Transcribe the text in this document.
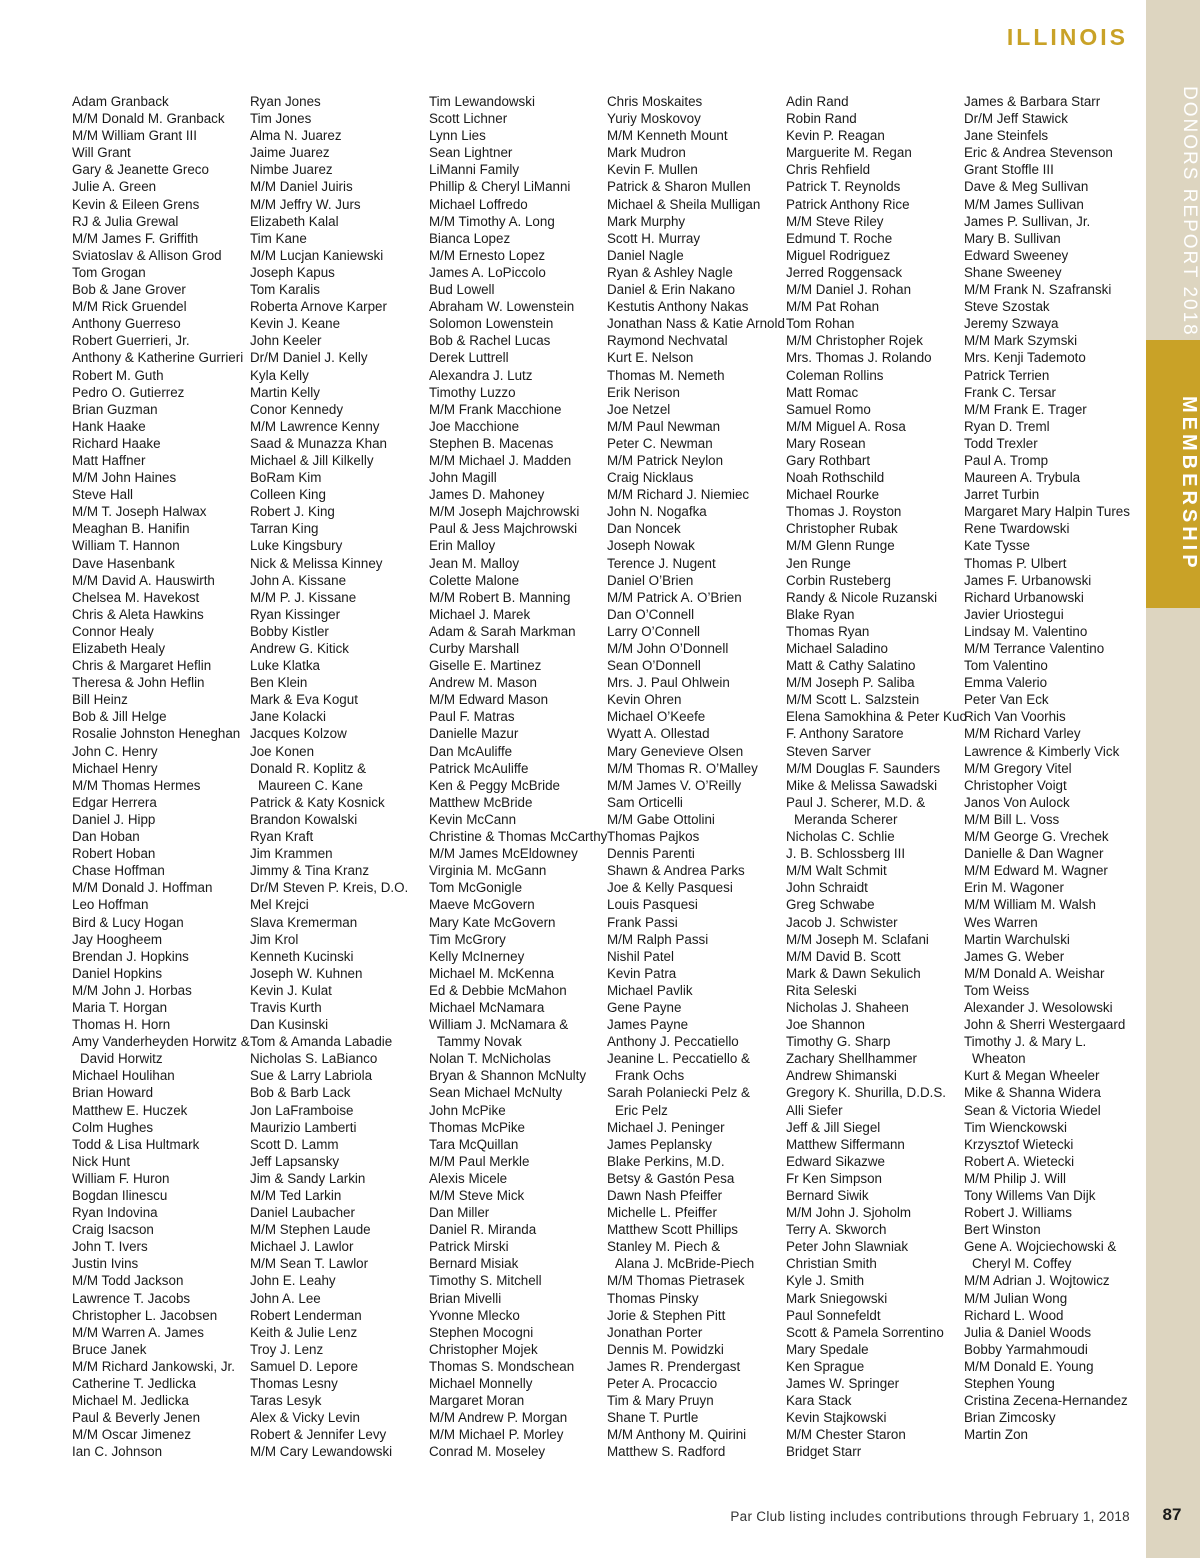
ILLINOIS
DONORS REPORT 2018
MEMBERSHIP
Adam Granback
M/M Donald M. Granback
M/M William Grant III
Will Grant
Gary & Jeanette Greco
Julie A. Green
Kevin & Eileen Grens
RJ & Julia Grewal
M/M James F. Griffith
Sviatoslav & Allison Grod
Tom Grogan
Bob & Jane Grover
M/M Rick Gruendel
Anthony Guerreso
Robert Guerrieri, Jr.
Anthony & Katherine Gurrieri
Robert M. Guth
Pedro O. Gutierrez
Brian Guzman
Hank Haake
Richard Haake
Matt Haffner
M/M John Haines
Steve Hall
M/M T. Joseph Halwax
Meaghan B. Hanifin
William T. Hannon
Dave Hasenbank
M/M David A. Hauswirth
Chelsea M. Havekost
Chris & Aleta Hawkins
Connor Healy
Elizabeth Healy
Chris & Margaret Heflin
Theresa & John Heflin
Bill Heinz
Bob & Jill Helge
Rosalie Johnston Heneghan
John C. Henry
Michael Henry
M/M Thomas Hermes
Edgar Herrera
Daniel J. Hipp
Dan Hoban
Robert Hoban
Chase Hoffman
M/M Donald J. Hoffman
Leo Hoffman
Bird & Lucy Hogan
Jay Hoogheem
Brendan J. Hopkins
Daniel Hopkins
M/M John J. Horbas
Maria T. Horgan
Thomas H. Horn
Amy Vanderheyden Horwitz &
David Horwitz
Michael Houlihan
Brian Howard
Matthew E. Huczek
Colm Hughes
Todd & Lisa Hultmark
Nick Hunt
William F. Huron
Bogdan Ilinescu
Ryan Indovina
Craig Isacson
John T. Ivers
Justin Ivins
M/M Todd Jackson
Lawrence T. Jacobs
Christopher L. Jacobsen
M/M Warren A. James
Bruce Janek
M/M Richard Jankowski, Jr.
Catherine T. Jedlicka
Michael M. Jedlicka
Paul & Beverly Jenen
M/M Oscar Jimenez
Ian C. Johnson
Ryan Jones
Tim Jones
Alma N. Juarez
Jaime Juarez
Nimbe Juarez
M/M Daniel Juiris
M/M Jeffry W. Jurs
Elizabeth Kalal
Tim Kane
M/M Lucjan Kaniewski
Joseph Kapus
Tom Karalis
Roberta Arnove Karper
Kevin J. Keane
John Keeler
Dr/M Daniel J. Kelly
Kyla Kelly
Martin Kelly
Conor Kennedy
M/M Lawrence Kenny
Saad & Munazza Khan
Michael & Jill Kilkelly
BoRam Kim
Colleen King
Robert J. King
Tarran King
Luke Kingsbury
Nick & Melissa Kinney
John A. Kissane
M/M P. J. Kissane
Ryan Kissinger
Bobby Kistler
Andrew G. Kitick
Luke Klatka
Ben Klein
Mark & Eva Kogut
Jane Kolacki
Jacques Kolzow
Joe Konen
Donald R. Koplitz &
Maureen C. Kane
Patrick & Katy Kosnick
Brandon Kowalski
Ryan Kraft
Jim Krammen
Jimmy & Tina Kranz
Dr/M Steven P. Kreis, D.O.
Mel Krejci
Slava Kremerman
Jim Krol
Kenneth Kucinski
Joseph W. Kuhnen
Kevin J. Kulat
Travis Kurth
Dan Kusinski
Tom & Amanda Labadie
Nicholas S. LaBianco
Sue & Larry Labriola
Bob & Barb Lack
Jon LaFramboise
Maurizio Lamberti
Scott D. Lamm
Jeff Lapsansky
Jim & Sandy Larkin
M/M Ted Larkin
Daniel Laubacher
M/M Stephen Laude
Michael J. Lawlor
M/M Sean T. Lawlor
John E. Leahy
John A. Lee
Robert Lenderman
Keith & Julie Lenz
Troy J. Lenz
Samuel D. Lepore
Thomas Lesny
Taras Lesyk
Alex & Vicky Levin
Robert & Jennifer Levy
M/M Cary Lewandowski
Tim Lewandowski
Scott Lichner
Lynn Lies
Sean Lightner
LiManni Family
Phillip & Cheryl LiManni
Michael Loffredo
M/M Timothy A. Long
Bianca Lopez
M/M Ernesto Lopez
James A. LoPiccolo
Bud Lowell
Abraham W. Lowenstein
Solomon Lowenstein
Bob & Rachel Lucas
Derek Luttrell
Alexandra J. Lutz
Timothy Luzzo
M/M Frank Macchione
Joe Macchione
Stephen B. Macenas
M/M Michael J. Madden
John Magill
James D. Mahoney
M/M Joseph Majchrowski
Paul & Jess Majchrowski
Erin Malloy
Jean M. Malloy
Colette Malone
M/M Robert B. Manning
Michael J. Marek
Adam & Sarah Markman
Curby Marshall
Giselle E. Martinez
Andrew M. Mason
M/M Edward Mason
Paul F. Matras
Danielle Mazur
Dan McAuliffe
Patrick McAuliffe
Ken & Peggy McBride
Matthew McBride
Kevin McCann
Christine & Thomas McCarthy
M/M James McEldowney
Virginia M. McGann
Tom McGonigle
Maeve McGovern
Mary Kate McGovern
Tim McGrory
Kelly McInerney
Michael M. McKenna
Ed & Debbie McMahon
Michael McNamara
William J. McNamara &
Tammy Novak
Nolan T. McNicholas
Bryan & Shannon McNulty
Sean Michael McNulty
John McPike
Thomas McPike
Tara McQuillan
M/M Paul Merkle
Alexis Micele
M/M Steve Mick
Dan Miller
Daniel R. Miranda
Patrick Mirski
Bernard Misiak
Timothy S. Mitchell
Brian Mivelli
Yvonne Mlecko
Stephen Mocogni
Christopher Mojek
Thomas S. Mondschean
Michael Monnelly
Margaret Moran
M/M Andrew P. Morgan
M/M Michael P. Morley
Conrad M. Moseley
Chris Moskaites
Yuriy Moskovoy
M/M Kenneth Mount
Mark Mudron
Kevin F. Mullen
Patrick & Sharon Mullen
Michael & Sheila Mulligan
Mark Murphy
Scott H. Murray
Daniel Nagle
Ryan & Ashley Nagle
Daniel & Erin Nakano
Kestutis Anthony Nakas
Jonathan Nass & Katie Arnold
Raymond Nechvatal
Kurt E. Nelson
Thomas M. Nemeth
Erik Nerison
Joe Netzel
M/M Paul Newman
Peter C. Newman
M/M Patrick Neylon
Craig Nicklaus
M/M Richard J. Niemiec
John N. Nogafka
Dan Noncek
Joseph Nowak
Terence J. Nugent
Daniel O’Brien
M/M Patrick A. O’Brien
Dan O’Connell
Larry O’Connell
M/M John O’Donnell
Sean O’Donnell
Mrs. J. Paul Ohlwein
Kevin Ohren
Michael O’Keefe
Wyatt A. Ollestad
Mary Genevieve Olsen
M/M Thomas R. O’Malley
M/M James V. O’Reilly
Sam Orticelli
M/M Gabe Ottolini
Thomas Pajkos
Dennis Parenti
Shawn & Andrea Parks
Joe & Kelly Pasquesi
Louis Pasquesi
Frank Passi
M/M Ralph Passi
Nishil Patel
Kevin Patra
Michael Pavlik
Gene Payne
James Payne
Anthony J. Peccatiello
Jeanine L. Peccatiello &
Frank Ochs
Sarah Polaniecki Pelz &
Eric Pelz
Michael J. Peninger
James Peplansky
Blake Perkins, M.D.
Betsy & Gastón Pesa
Dawn Nash Pfeiffer
Michelle L. Pfeiffer
Matthew Scott Phillips
Stanley M. Piech &
Alana J. McBride-Piech
M/M Thomas Pietrasek
Thomas Pinsky
Jorie & Stephen Pitt
Jonathan Porter
Dennis M. Powidzki
James R. Prendergast
Peter A. Procaccio
Tim & Mary Pruyn
Shane T. Purtle
M/M Anthony M. Quirini
Matthew S. Radford
Adin Rand
Robin Rand
Kevin P. Reagan
Marguerite M. Regan
Chris Rehfield
Patrick T. Reynolds
Patrick Anthony Rice
M/M Steve Riley
Edmund T. Roche
Miguel Rodriguez
Jerred Roggensack
M/M Daniel J. Rohan
M/M Pat Rohan
Tom Rohan
M/M Christopher Rojek
Mrs. Thomas J. Rolando
Coleman Rollins
Matt Romac
Samuel Romo
M/M Miguel A. Rosa
Mary Rosean
Gary Rothbart
Noah Rothschild
Michael Rourke
Thomas J. Royston
Christopher Rubak
M/M Glenn Runge
Jen Runge
Corbin Rusteberg
Randy & Nicole Ruzanski
Blake Ryan
Thomas Ryan
Michael Saladino
Matt & Cathy Salatino
M/M Joseph P. Saliba
M/M Scott L. Salzstein
Elena Samokhina & Peter Kuo
F. Anthony Saratore
Steven Sarver
M/M Douglas F. Saunders
Mike & Melissa Sawadski
Paul J. Scherer, M.D. &
Meranda Scherer
Nicholas C. Schlie
J. B. Schlossberg III
M/M Walt Schmit
John Schraidt
Greg Schwabe
Jacob J. Schwister
M/M Joseph M. Sclafani
M/M David B. Scott
Mark & Dawn Sekulich
Rita Seleski
Nicholas J. Shaheen
Joe Shannon
Timothy G. Sharp
Zachary Shellhammer
Andrew Shimanski
Gregory K. Shurilla, D.D.S.
Alli Siefer
Jeff & Jill Siegel
Matthew Siffermann
Edward Sikazwe
Fr Ken Simpson
Bernard Siwik
M/M John J. Sjoholm
Terry A. Skworch
Peter John Slawniak
Christian Smith
Kyle J. Smith
Mark Sniegowski
Paul Sonnefeldt
Scott & Pamela Sorrentino
Mary Spedale
Ken Sprague
James W. Springer
Kara Stack
Kevin Stajkowski
M/M Chester Staron
Bridget Starr
James & Barbara Starr
Dr/M Jeff Stawick
Jane Steinfels
Eric & Andrea Stevenson
Grant Stoffle III
Dave & Meg Sullivan
M/M James Sullivan
James P. Sullivan, Jr.
Mary B. Sullivan
Edward Sweeney
Shane Sweeney
M/M Frank N. Szafranski
Steve Szostak
Jeremy Szwaya
M/M Mark Szymski
Mrs. Kenji Tademoto
Patrick Terrien
Frank C. Tersar
M/M Frank E. Trager
Ryan D. Treml
Todd Trexler
Paul A. Tromp
Maureen A. Trybula
Jarret Turbin
Margaret Mary Halpin Tures
Rene Twardowski
Kate Tysse
Thomas P. Ulbert
James F. Urbanowski
Richard Urbanowski
Javier Uriostegui
Lindsay M. Valentino
M/M Terrance Valentino
Tom Valentino
Emma Valerio
Peter Van Eck
Rich Van Voorhis
M/M Richard Varley
Lawrence & Kimberly Vick
M/M Gregory Vitel
Christopher Voigt
Janos Von Aulock
M/M Bill L. Voss
M/M George G. Vrechek
Danielle & Dan Wagner
M/M Edward M. Wagner
Erin M. Wagoner
M/M William M. Walsh
Wes Warren
Martin Warchulski
James G. Weber
M/M Donald A. Weishar
Tom Weiss
Alexander J. Wesolowski
John & Sherri Westergaard
Timothy J. & Mary L.
Wheaton
Kurt & Megan Wheeler
Mike & Shanna Widera
Sean & Victoria Wiedel
Tim Wienckowski
Krzysztof Wietecki
Robert A. Wietecki
M/M Philip J. Will
Tony Willems Van Dijk
Robert J. Williams
Bert Winston
Gene A. Wojciechowski &
Cheryl M. Coffey
M/M Adrian J. Wojtowicz
M/M Julian Wong
Richard L. Wood
Julia & Daniel Woods
Bobby Yarmahmoudi
M/M Donald E. Young
Stephen Young
Cristina Zecena-Hernandez
Brian Zimcosky
Martin Zon
Par Club listing includes contributions through February 1, 2018	87
